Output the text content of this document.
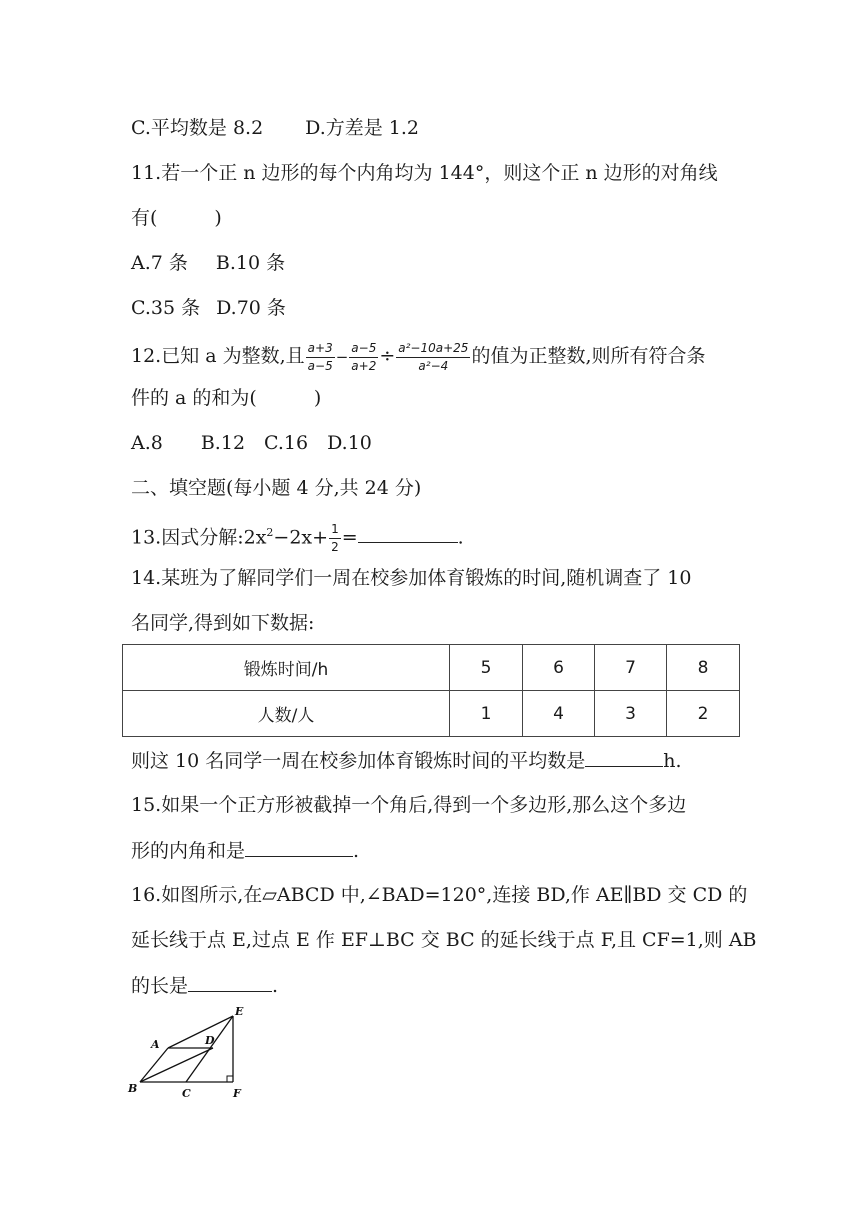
C.平均数是 8.2 D.方差是 1.2
11.若一个正 n 边形的每个内角均为 144°，则这个正 n 边形的对角线
有(　　　)
A.7 条 B.10 条
C.35 条 D.70 条
12.已知 a 为整数,且 $\frac{a+3}{a-5} - \frac{a-5}{a+2} \div \frac{\text{a²−10a+25}}{\text{a²−4}}$ 的值为正整数,则所有符合条
件的 a 的和为(　　　)
A.8　　B.12　C.16　D.10
二、填空题(每小题 4 分,共 24 分)
13.因式分解$:2x^2-2x+ \frac{1}{2}$ =	.
14.某班为了解同学们一周在校参加体育锻炼的时间,随机调查了 10
名同学,得到如下数据:
锻炼时间/h	5	6	7	8
人数/人	1	4	3	2
则这 10 名同学一周在校参加体育锻炼时间的平均数是	h.
15.如果一个正方形被截掉一个角后,得到一个多边形,那么这个多边
形的内角和是	.
16.如图所示,在▱ABCD 中,∠BAD=120°,连接 BD,作 AE∥BD 交 CD 的
延长线于点 E,过点 E 作 EF⊥BC 交 BC 的延长线于点 F,且 CF=1,则 AB
的长是	.
A
B	C
D
E
F
